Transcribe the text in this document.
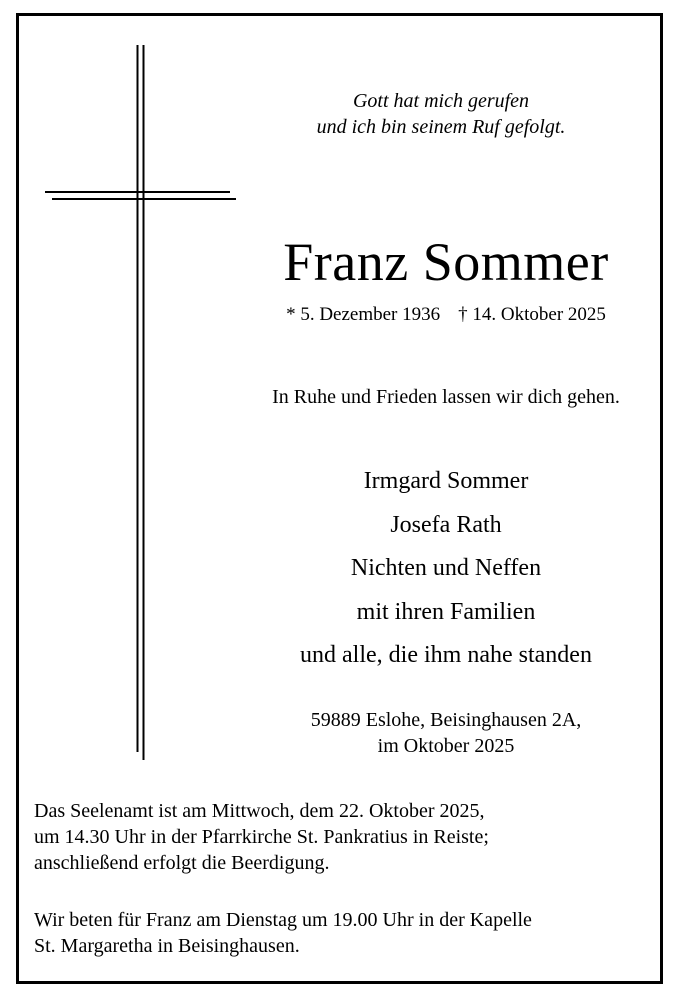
Gott hat mich gerufen
und ich bin seinem Ruf gefolgt.
Franz Sommer
* 5. Dezember 1936 † 14. Oktober 2025
In Ruhe und Frieden lassen wir dich gehen.
Irmgard Sommer
Josefa Rath
Nichten und Neffen
mit ihren Familien
und alle, die ihm nahe standen
59889 Eslohe, Beisinghausen 2A,
im Oktober 2025
Das Seelenamt ist am Mittwoch, dem 22. Oktober 2025,
um 14.30 Uhr in der Pfarrkirche St. Pankratius in Reiste;
anschließend erfolgt die Beerdigung.
Wir beten für Franz am Dienstag um 19.00 Uhr in der Kapelle
St. Margaretha in Beisinghausen.
